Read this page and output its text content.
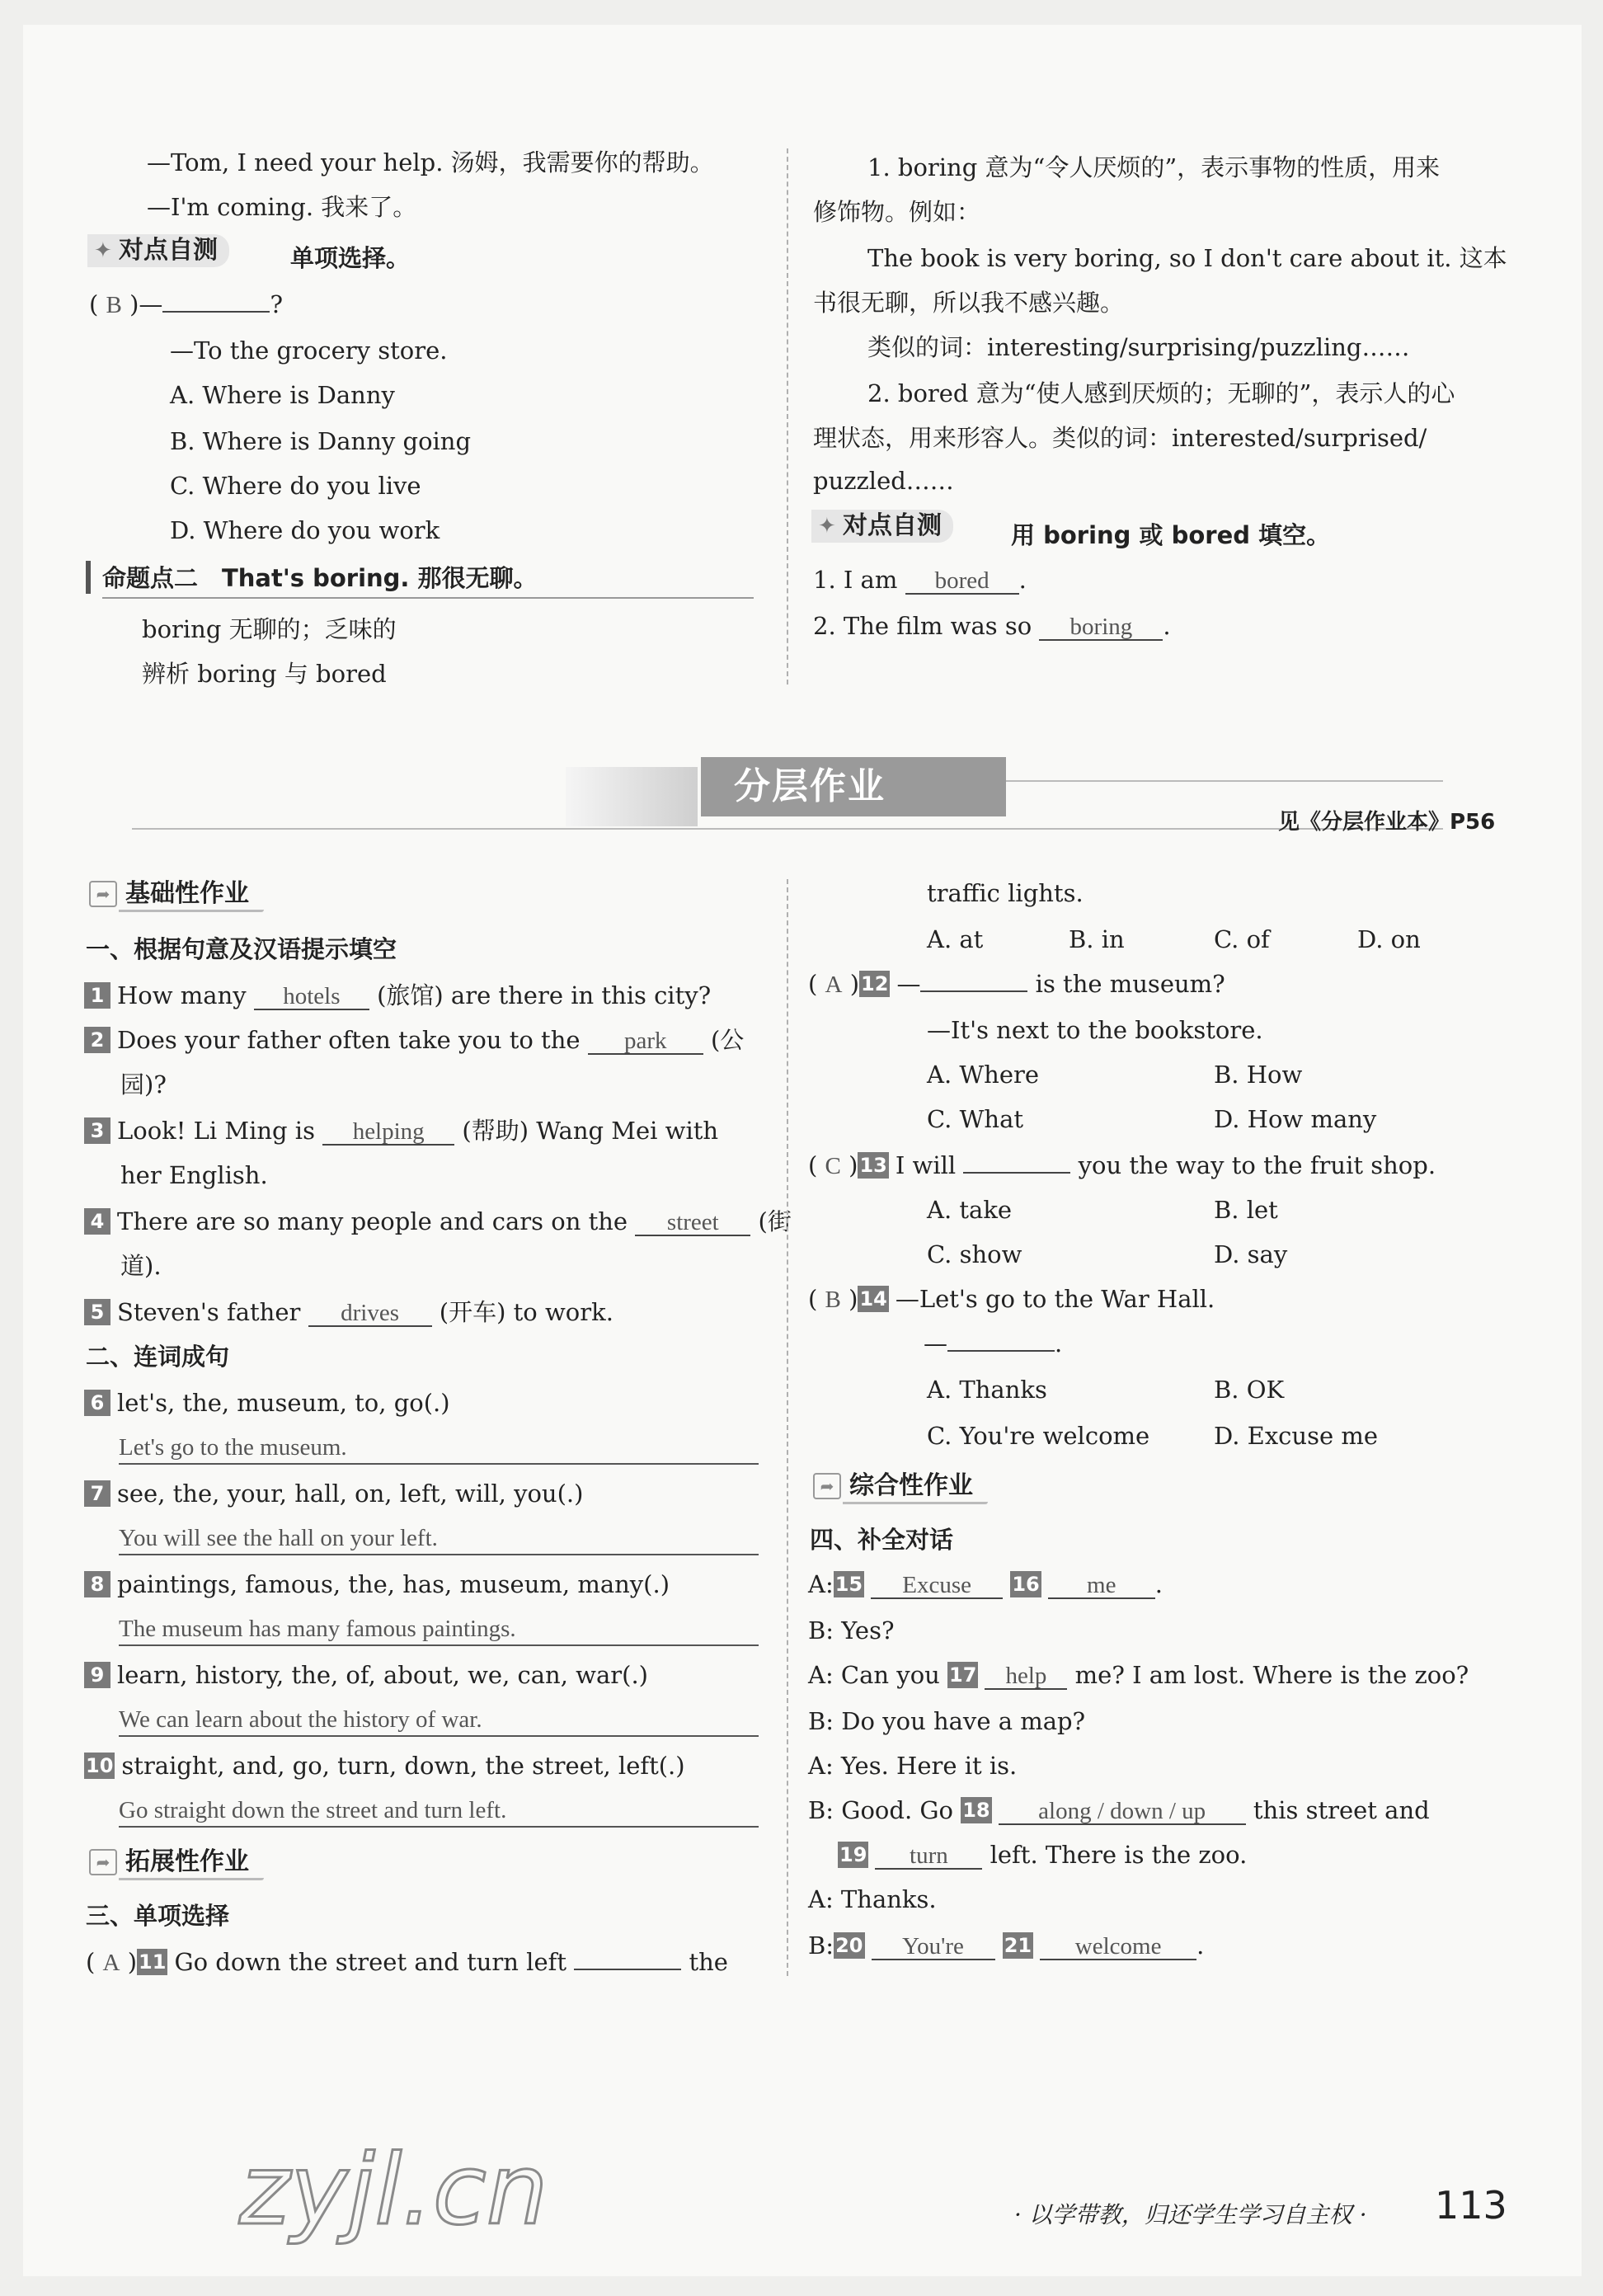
—Tom, I need your help. 汤姆，我需要你的帮助。
—I'm coming. 我来了。
✦ 对点自测	单项选择。
( B )—	?
—To the grocery store.
A. Where is Danny
B. Where is Danny going
C. Where do you live
D. Where do you work
命题点二　That's boring. 那很无聊。
boring 无聊的；乏味的
辨析 boring 与 bored
1. boring 意为“令人厌烦的”，表示事物的性质，用来
修饰物。例如：
The book is very boring, so I don't care about it. 这本
书很无聊，所以我不感兴趣。
类似的词：interesting/surprising/puzzling……
2. bored 意为“使人感到厌烦的；无聊的”，表示人的心
理状态，用来形容人。类似的词：interested/surprised/
puzzled……
✦ 对点自测	用 boring 或 bored 填空。
1. I am bored .
2. The film was so boring .
分层作业
见《分层作业本》P56
➦ 基础性作业
一、根据句意及汉语提示填空
1 How many hotels (旅馆) are there in this city?
2 Does your father often take you to the park (公
园)?
3 Look! Li Ming is helping (帮助) Wang Mei with
her English.
4 There are so many people and cars on the street (街
道).
5 Steven's father drives (开车) to work.
二、连词成句
6 let's, the, museum, to, go(.)
Let's go to the museum.
7 see, the, your, hall, on, left, will, you(.)
You will see the hall on your left.
8 paintings, famous, the, has, museum, many(.)
The museum has many famous paintings.
9 learn, history, the, of, about, we, can, war(.)
We can learn about the history of war.
10 straight, and, go, turn, down, the street, left(.)
Go straight down the street and turn left.
➦ 拓展性作业
三、单项选择
( A )11 Go down the street and turn left	the
traffic lights.
A. at	B. in	C. of	D. on
( A )12 —	is the museum?
—It's next to the bookstore.
A. Where	B. How
C. What	D. How many
( C )13 I will	you the way to the fruit shop.
A. take	B. let
C. show	D. say
( B )14 —Let's go to the War Hall.
—	.
A. Thanks	B. OK
C. You're welcome	D. Excuse me
➦ 综合性作业
四、补全对话
A:15 Excuse 16 me .
B: Yes?
A: Can you 17 help me? I am lost. Where is the zoo?
B: Do you have a map?
A: Yes. Here it is.
B: Good. Go 18 along / down / up this street and
19 turn left. There is the zoo.
A: Thanks.
B:20 You're 21 welcome .
· 以学带教，归还学生学习自主权 · 113
zyjl.cn
